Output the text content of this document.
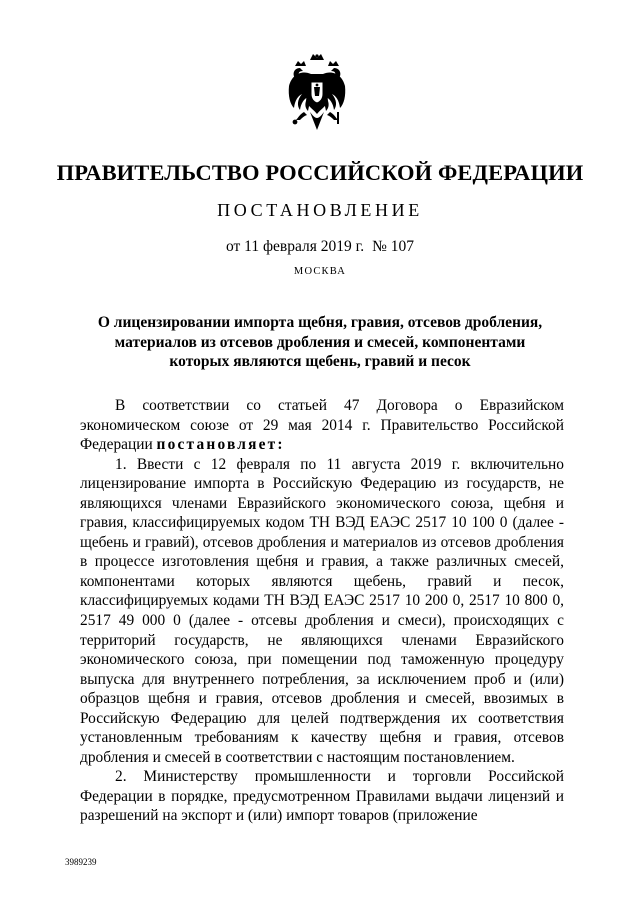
ПРАВИТЕЛЬСТВО РОССИЙСКОЙ ФЕДЕРАЦИИ
ПОСТАНОВЛЕНИЕ
от 11 февраля 2019 г. № 107
МОСКВА
О лицензировании импорта щебня, гравия, отсевов дробления, материалов из отсевов дробления и смесей, компонентами которых являются щебень, гравий и песок

В соответствии со статьей 47 Договора о Евразийском экономическом союзе от 29 мая 2014 г. Правительство Российской Федерации постановляет:

1. Ввести с 12 февраля по 11 августа 2019 г. включительно лицензирование импорта в Российскую Федерацию из государств, не являющихся членами Евразийского экономического союза, щебня и гравия, классифицируемых кодом ТН ВЭД ЕАЭС 2517 10 100 0 (далее - щебень и гравий), отсевов дробления и материалов из отсевов дробления в процессе изготовления щебня и гравия, а также различных смесей, компонентами которых являются щебень, гравий и песок, классифицируемых кодами ТН ВЭД ЕАЭС 2517 10 200 0, 2517 10 800 0, 2517 49 000 0 (далее - отсевы дробления и смеси), происходящих с территорий государств, не являющихся членами Евразийского экономического союза, при помещении под таможенную процедуру выпуска для внутреннего потребления, за исключением проб и (или) образцов щебня и гравия, отсевов дробления и смесей, ввозимых в Российскую Федерацию для целей подтверждения их соответствия установленным требованиям к качеству щебня и гравия, отсевов дробления и смесей в соответствии с настоящим постановлением.

2. Министерству промышленности и торговли Российской Федерации в порядке, предусмотренном Правилами выдачи лицензий и разрешений на экспорт и (или) импорт товаров (приложение

3989239
